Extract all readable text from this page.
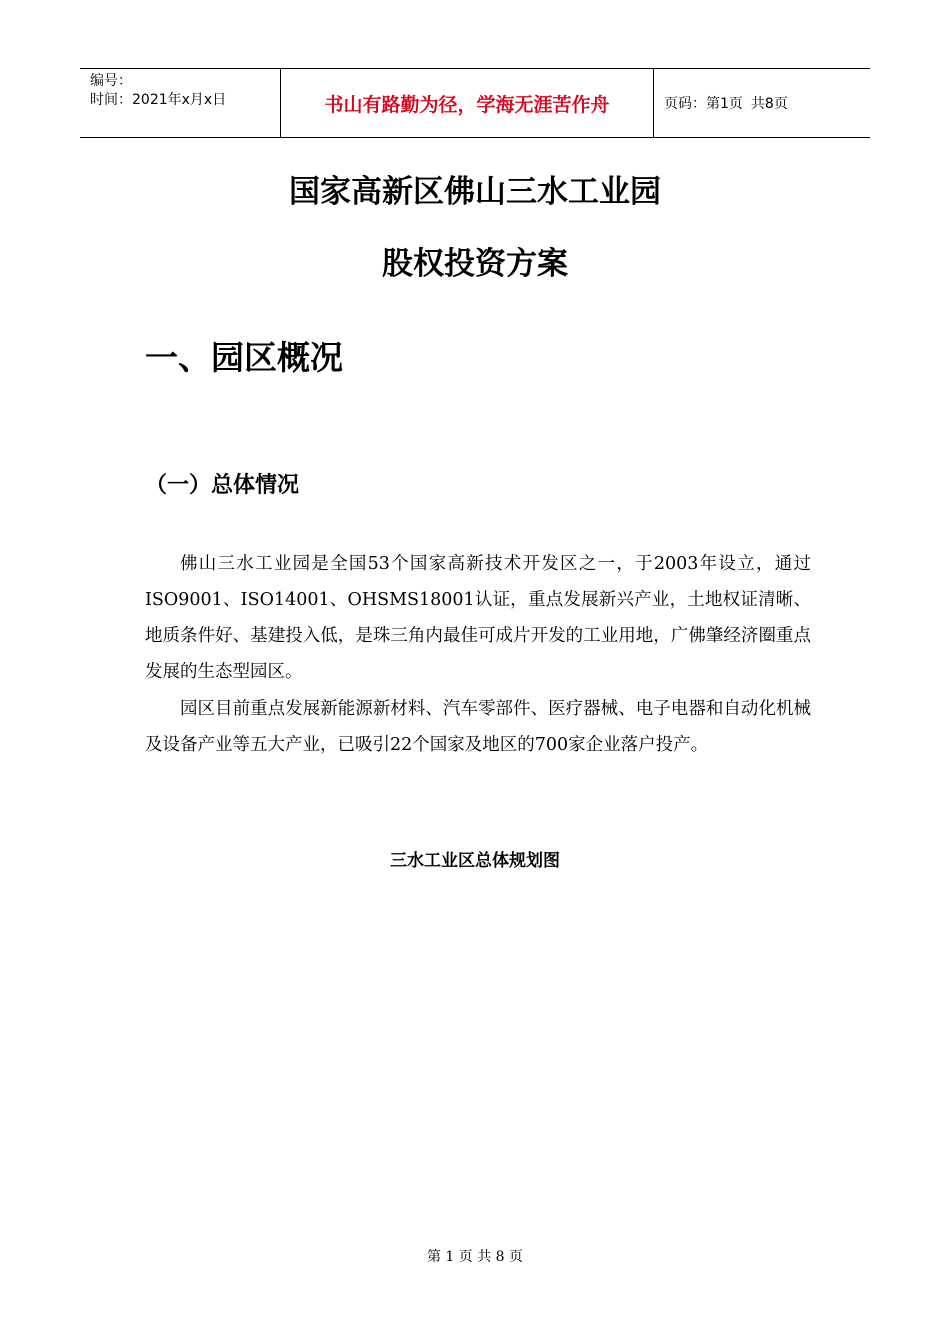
编号：
时间：2021年x月x日	书山有路勤为径，学海无涯苦作舟	页码：第1页 共8页
国家高新区佛山三水工业园
股权投资方案
一、园区概况
（一）总体情况
佛山三水工业园是全国53个国家高新技术开发区之一，于2003年设立，通过ISO9001、ISO14001、OHSMS18001认证，重点发展新兴产业，土地权证清晰、地质条件好、基建投入低，是珠三角内最佳可成片开发的工业用地，广佛肇经济圈重点发展的生态型园区。
园区目前重点发展新能源新材料、汽车零部件、医疗器械、电子电器和自动化机械及设备产业等五大产业，已吸引22个国家及地区的700家企业落户投产。
三水工业区总体规划图
第 1 页 共 8 页
